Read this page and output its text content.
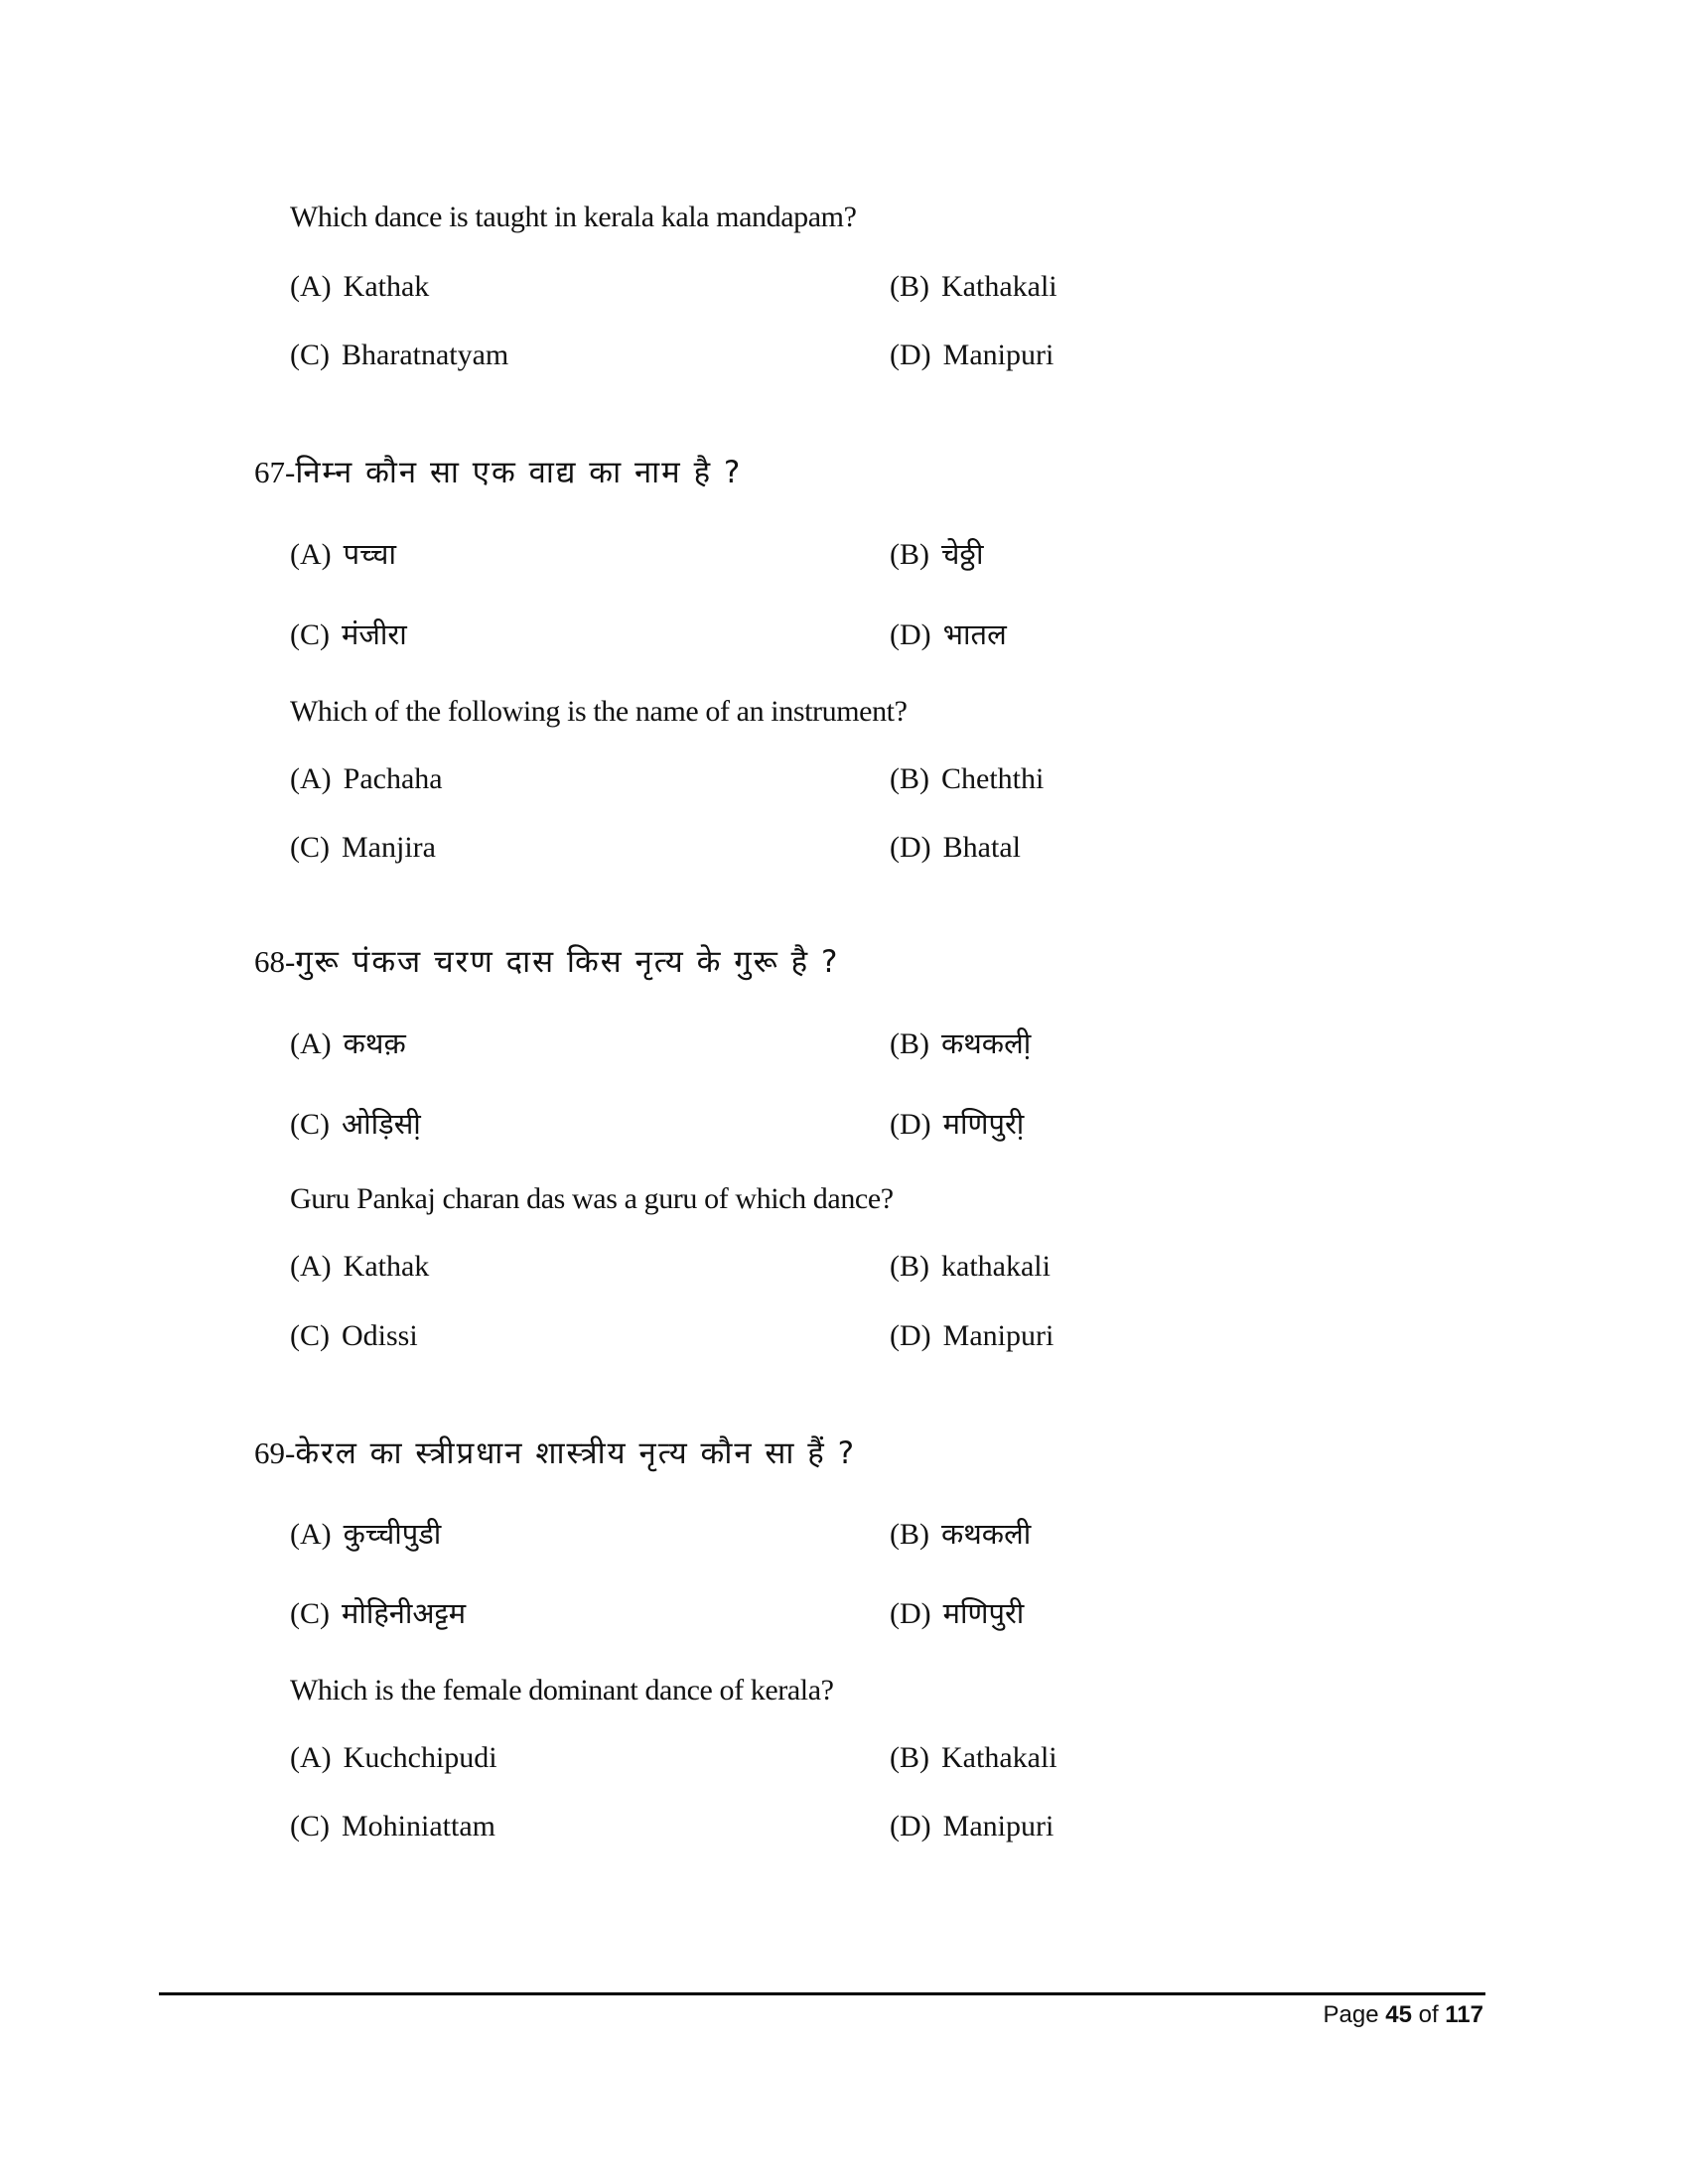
Which dance is taught in kerala kala mandapam?
(A) Kathak	(B) Kathakali
(C) Bharatnatyam	(D) Manipuri
67-निम्न कौन सा एक वाद्य का नाम है ?
(A) पच्चा	(B) चेठ्ठी
(C) मंजीरा	(D) भातल
Which of the following is the name of an instrument?
(A) Pachaha	(B) Cheththi
(C) Manjira	(D) Bhatal
68-गुरू पंकज चरण दास किस नृत्य के गुरू है ?
(A) कथक़	(B) कथकली़
(C) ओड़िसी़	(D) मणिपुरी़
Guru Pankaj charan das was a guru of which dance?
(A) Kathak	(B) kathakali
(C) Odissi	(D) Manipuri
69-केरल का स्त्रीप्रधान शास्त्रीय नृत्य कौन सा हैं ?
(A) कुच्चीपुडी	(B) कथकली
(C) मोहिनीअट्टम	(D) मणिपुरी
Which is the female dominant dance of kerala?
(A) Kuchchipudi	(B) Kathakali
(C) Mohiniattam	(D) Manipuri
Page 45 of 117
